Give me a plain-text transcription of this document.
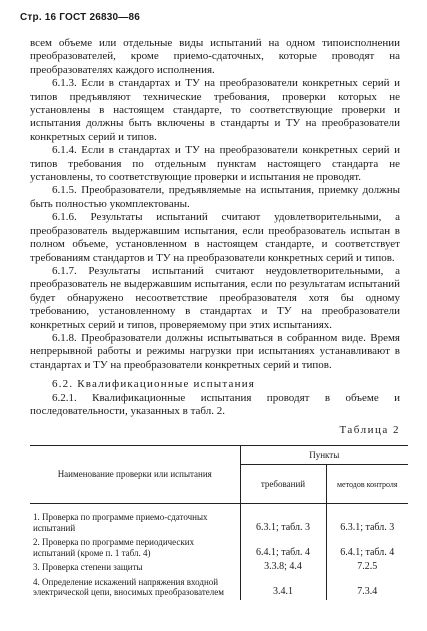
Стр. 16 ГОСТ 26830—86

всем объеме или отдельные виды испытаний на одном типоисполнении преобразователей, кроме приемо-сдаточных, которые проводят на преобразователях каждого исполнения.

6.1.3. Если в стандартах и ТУ на преобразователи конкретных серий и типов предъявляют технические требования, проверки которых не установлены в настоящем стандарте, то соответствующие проверки и испытания должны быть включены в стандарты и ТУ на преобразователи конкретных серий и типов.

6.1.4. Если в стандартах и ТУ на преобразователи конкретных серий и типов требования по отдельным пунктам настоящего стандарта не установлены, то соответствующие проверки и испытания не проводят.

6.1.5. Преобразователи, предъявляемые на испытания, приемку должны быть полностью укомплектованы.

6.1.6. Результаты испытаний считают удовлетворительными, а преобразователь выдержавшим испытания, если преобразователь испытан в полном объеме, установленном в настоящем стандарте, и соответствует требованиям стандартов и ТУ на преобразователи конкретных серий и типов.

6.1.7. Результаты испытаний считают неудовлетворительными, а преобразователь не выдержавшим испытания, если по результатам испытаний будет обнаружено несоответствие преобразователя хотя бы одному требованию, установленному в стандартах и ТУ на преобразователи конкретных серий и типов, проверяемому при этих испытаниях.

6.1.8. Преобразователи должны испытываться в собранном виде. Время непрерывной работы и режимы нагрузки при испытаниях устанавливают в стандартах и ТУ на преобразователи конкретных серий и типов.

6.2. Квалификационные испытания

6.2.1. Квалификационные испытания проводят в объеме и последовательности, указанных в табл. 2.

Таблица 2
Наименование проверки или испытания	Пункты	
	требований	методов контроля
1. Проверка по программе приемо-сдаточных испытаний	6.3.1; табл. 3	6.3.1; табл. 3
2. Проверка по программе периодических испытаний (кроме п. 1 табл. 4)	6.4.1; табл. 4	6.4.1; табл. 4
3. Проверка степени защиты	3.3.8; 4.4	7.2.5
4. Определение искажений напряжения входной электрической цепи, вносимых преобразователем	3.4.1	7.3.4
